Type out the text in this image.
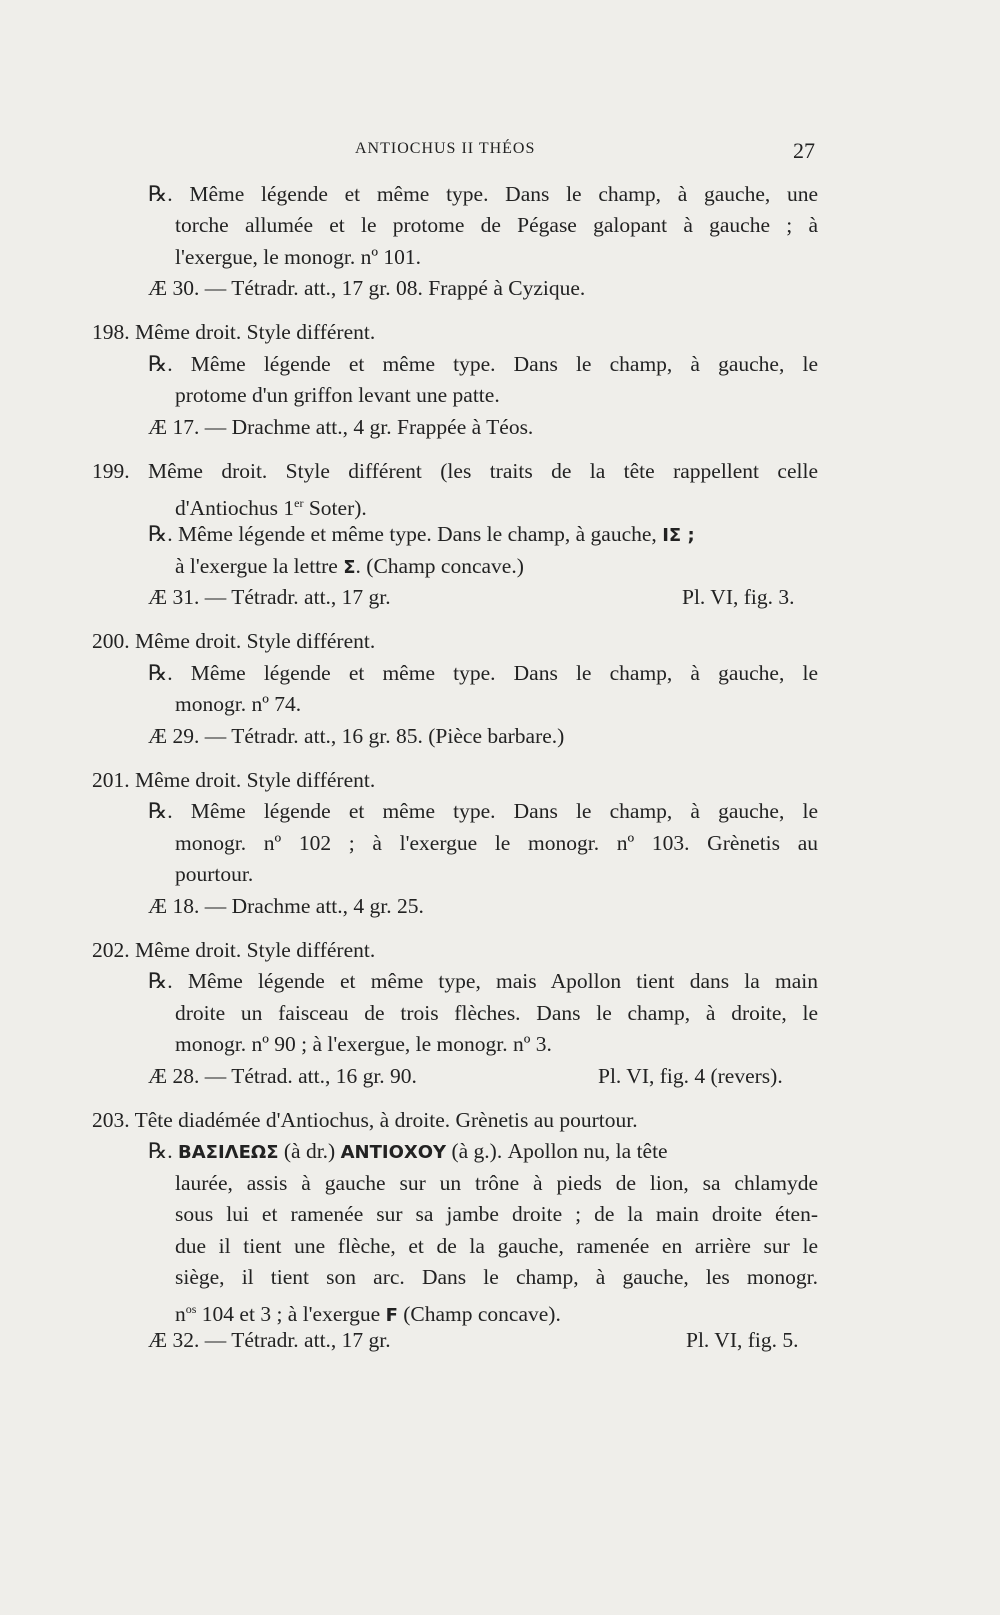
ANTIOCHUS II THÉOS	27
℞. Même légende et même type. Dans le champ, à gauche, une
torche allumée et le protome de Pégase galopant à gauche ; à
l'exergue, le monogr. nº 101.
Æ 30. — Tétradr. att., 17 gr. 08. Frappé à Cyzique.
198. Même droit. Style différent.
℞. Même légende et même type. Dans le champ, à gauche, le
protome d'un griffon levant une patte.
Æ 17. — Drachme att., 4 gr. Frappée à Téos.
199. Même droit. Style différent (les traits de la tête rappellent celle
d'Antiochus 1er Soter).
℞. Même légende et même type. Dans le champ, à gauche, IΣ ;
à l'exergue la lettre Σ. (Champ concave.)
Æ 31. — Tétradr. att., 17 gr.	Pl. VI, fig. 3.
200. Même droit. Style différent.
℞. Même légende et même type. Dans le champ, à gauche, le
monogr. nº 74.
Æ 29. — Tétradr. att., 16 gr. 85. (Pièce barbare.)
201. Même droit. Style différent.
℞. Même légende et même type. Dans le champ, à gauche, le
monogr. nº 102 ; à l'exergue le monogr. nº 103. Grènetis au
pourtour.
Æ 18. — Drachme att., 4 gr. 25.
202. Même droit. Style différent.
℞. Même légende et même type, mais Apollon tient dans la main
droite un faisceau de trois flèches. Dans le champ, à droite, le
monogr. nº 90 ; à l'exergue, le monogr. nº 3.
Æ 28. — Tétrad. att., 16 gr. 90.	Pl. VI, fig. 4 (revers).
203. Tête diadémée d'Antiochus, à droite. Grènetis au pourtour.
℞. ΒΑΣΙΛΕΩΣ (à dr.) ΑΝΤΙΟΧΟΥ (à g.). Apollon nu, la tête
laurée, assis à gauche sur un trône à pieds de lion, sa chlamyde
sous lui et ramenée sur sa jambe droite ; de la main droite éten-
due il tient une flèche, et de la gauche, ramenée en arrière sur le
siège, il tient son arc. Dans le champ, à gauche, les monogr.
$n^{os}$ 104 et 3 ; à l'exergue F (Champ concave).
Æ 32. — Tétradr. att., 17 gr.	Pl. VI, fig. 5.
